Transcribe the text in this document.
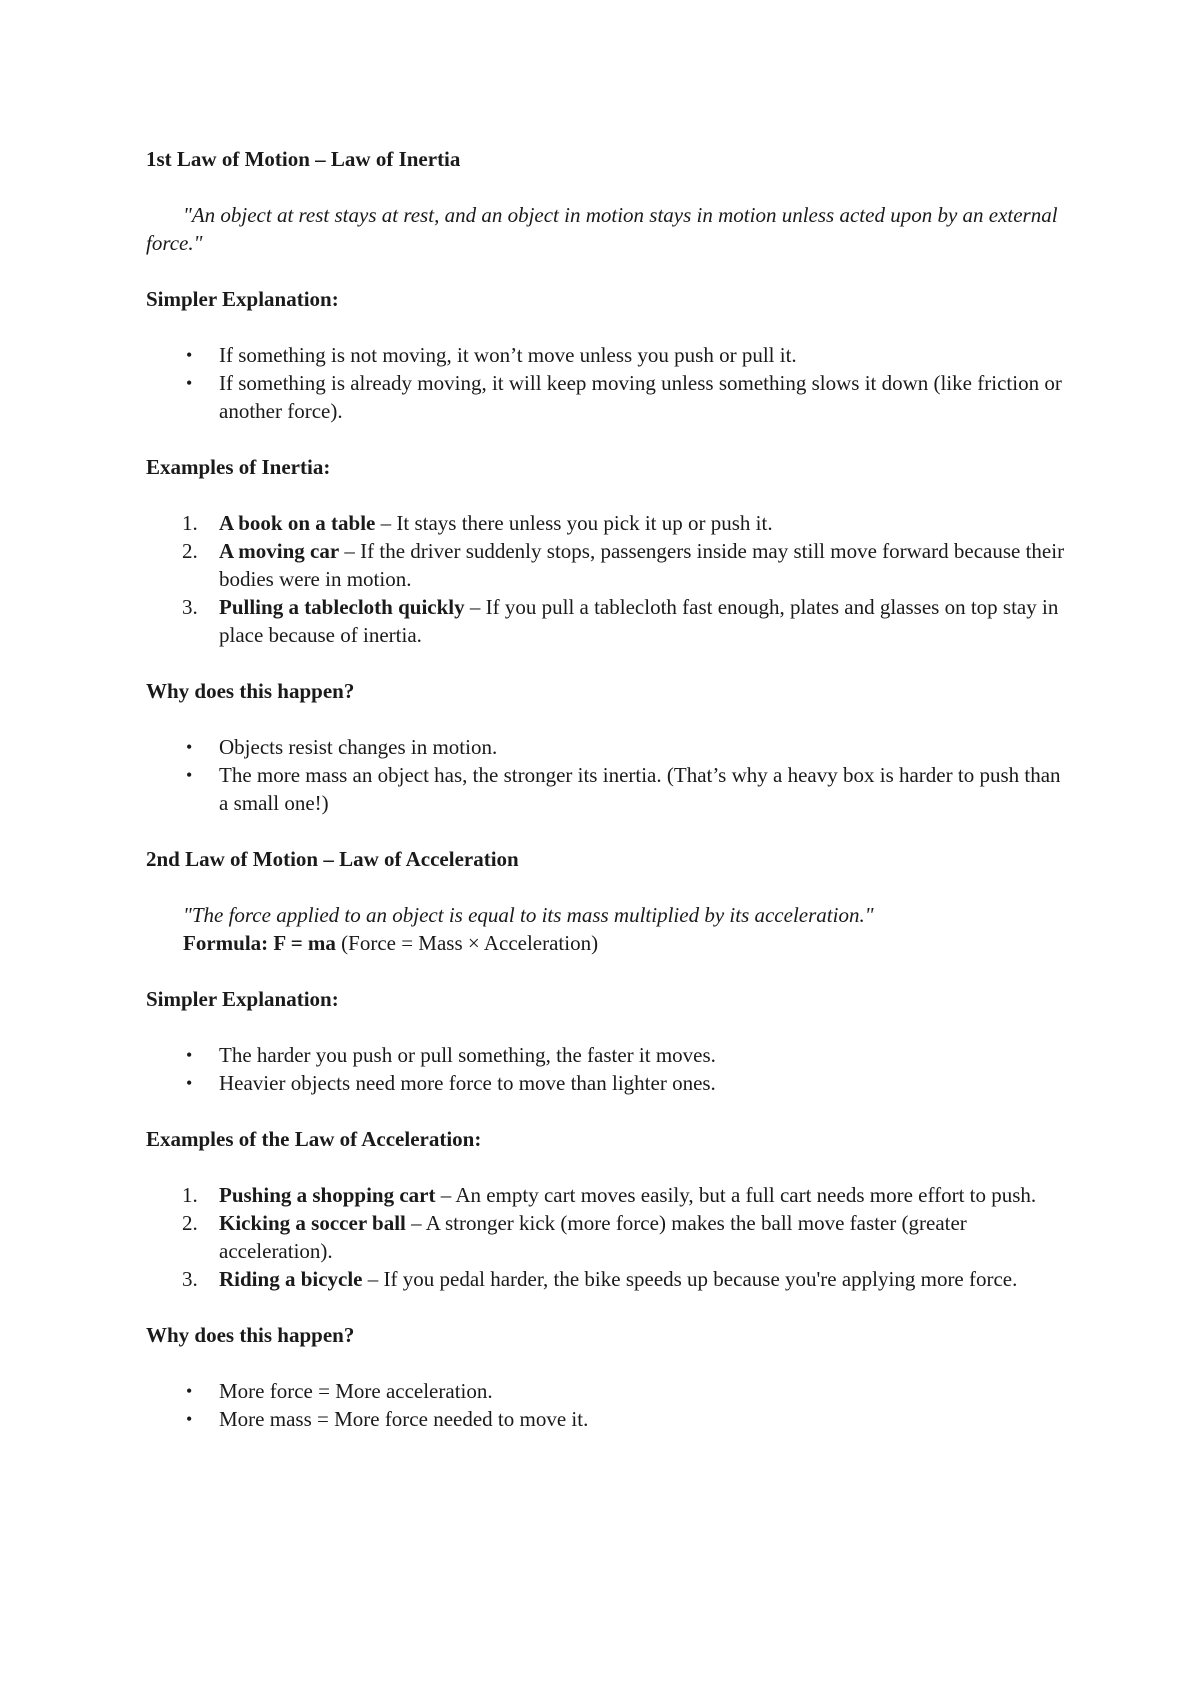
1st Law of Motion – Law of Inertia

"An object at rest stays at rest, and an object in motion stays in motion unless acted upon by an external force."

Simpler Explanation:
•	If something is not moving, it won’t move unless you push or pull it.
•	If something is already moving, it will keep moving unless something slows it down (like friction or another force).
Examples of Inertia:
1.	A book on a table – It stays there unless you pick it up or push it.
2.	A moving car – If the driver suddenly stops, passengers inside may still move forward because their bodies were in motion.
3.	Pulling a tablecloth quickly – If you pull a tablecloth fast enough, plates and glasses on top stay in place because of inertia.
Why does this happen?
•	Objects resist changes in motion.
•	The more mass an object has, the stronger its inertia. (That’s why a heavy box is harder to push than a small one!)
2nd Law of Motion – Law of Acceleration

"The force applied to an object is equal to its mass multiplied by its acceleration."

Formula: F = ma (Force = Mass × Acceleration)

Simpler Explanation:
•	The harder you push or pull something, the faster it moves.
•	Heavier objects need more force to move than lighter ones.
Examples of the Law of Acceleration:
1.	Pushing a shopping cart – An empty cart moves easily, but a full cart needs more effort to push.
2.	Kicking a soccer ball – A stronger kick (more force) makes the ball move faster (greater acceleration).
3.	Riding a bicycle – If you pedal harder, the bike speeds up because you're applying more force.
Why does this happen?
•	More force = More acceleration.
•	More mass = More force needed to move it.
